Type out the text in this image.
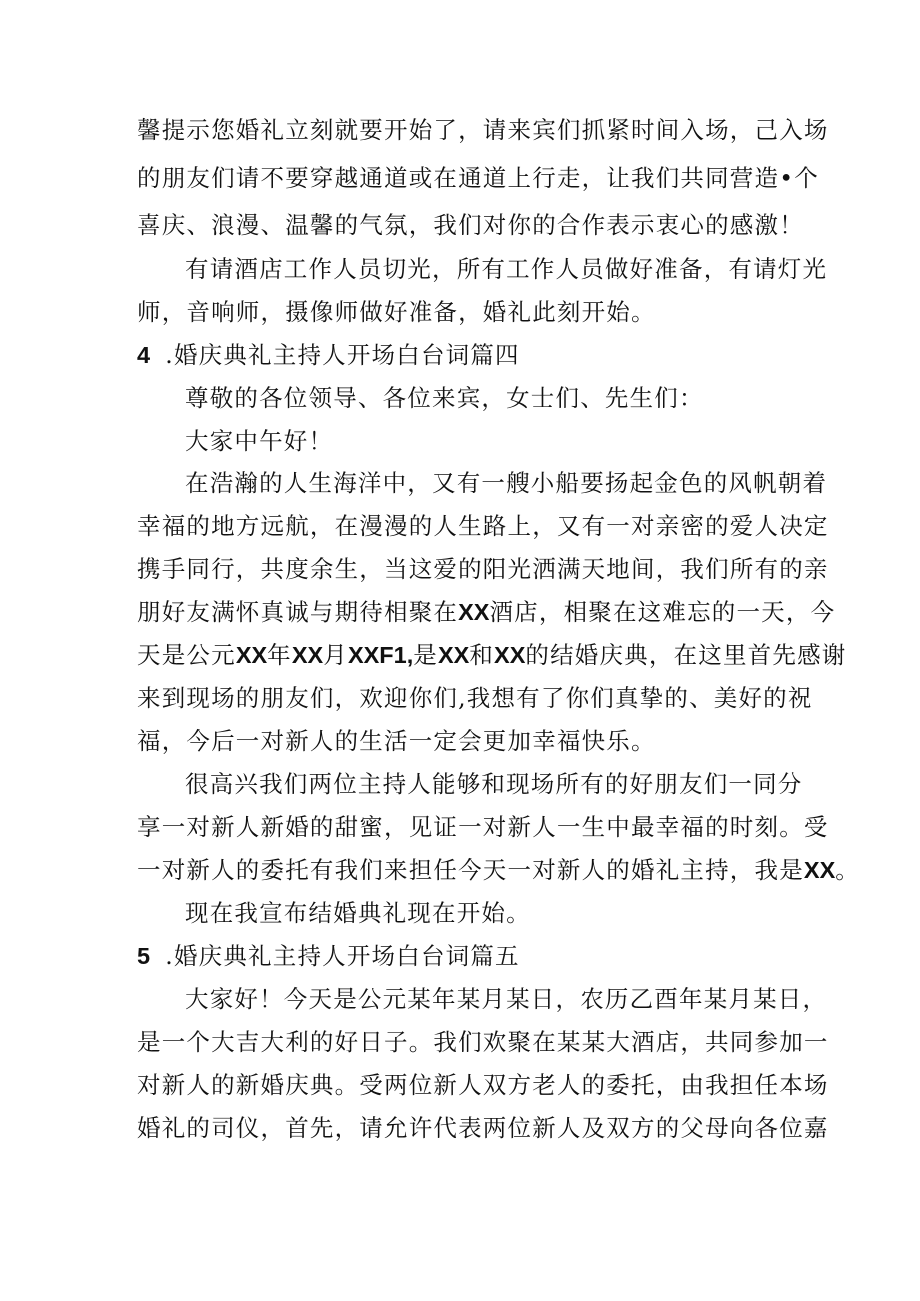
馨提示您婚礼立刻就要开始了，请来宾们抓紧时间入场，己入场
的朋友们请不要穿越通道或在通道上行走，让我们共同营造•个
喜庆、浪漫、温馨的气氛，我们对你的合作表示衷心的感激！
有请酒店工作人员切光，所有工作人员做好准备，有请灯光
师，音响师，摄像师做好准备，婚礼此刻开始。
4 .婚庆典礼主持人开场白台词篇四
尊敬的各位领导、各位来宾，女士们、先生们：
大家中午好！
在浩瀚的人生海洋中，又有一艘小船要扬起金色的风帆朝着
幸福的地方远航，在漫漫的人生路上，又有一对亲密的爱人决定
携手同行，共度余生，当这爱的阳光洒满天地间，我们所有的亲
朋好友满怀真诚与期待相聚在XX酒店，相聚在这难忘的一天，今
天是公元XX年XX月XXF1,是XX和XX的结婚庆典，在这里首先感谢
来到现场的朋友们，欢迎你们,我想有了你们真挚的、美好的祝
福，今后一对新人的生活一定会更加幸福快乐。
很高兴我们两位主持人能够和现场所有的好朋友们一同分
享一对新人新婚的甜蜜，见证一对新人一生中最幸福的时刻。受
一对新人的委托有我们来担任今天一对新人的婚礼主持，我是XX。
现在我宣布结婚典礼现在开始。
5 .婚庆典礼主持人开场白台词篇五
大家好！今天是公元某年某月某日，农历乙酉年某月某日，
是一个大吉大利的好日子。我们欢聚在某某大酒店，共同参加一
对新人的新婚庆典。受两位新人双方老人的委托，由我担任本场
婚礼的司仪，首先，请允许代表两位新人及双方的父母向各位嘉
